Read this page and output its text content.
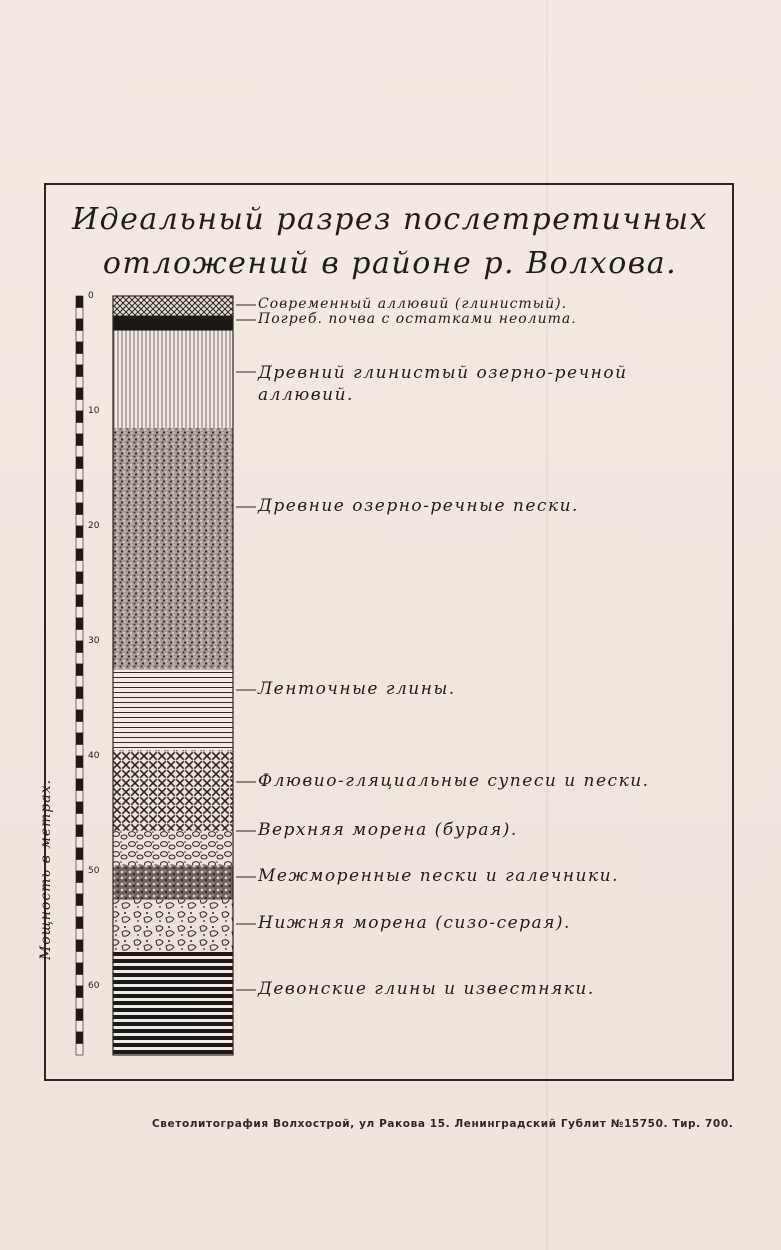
Идеальный разрез послетретичных
отложений в районе р. Волхова.
Современный аллювий (глинистый).
Погреб. почва с остатками неолита.
Древний глинистый озерно-речной аллювий.
Древние озерно-речные пески.
Ленточные глины.
Флювио-гляциальные супеси и пески.
Верхняя морена (бурая).
Межморенные пески и галечники.
Нижняя морена (сизо-серая).
Девонские глины и известняки.
0
10
20
30
40
50
60
Мощность в метрах.
Светолитография Волхострой, ул Ракова 15. Ленинградский Гублит №15750. Тир. 700.
